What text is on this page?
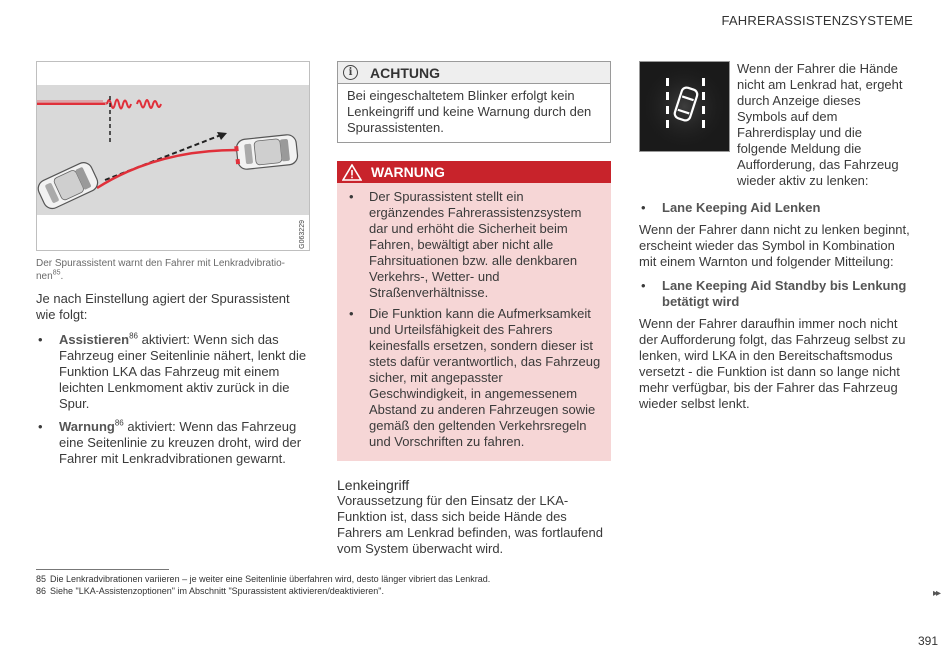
FAHRERASSISTENZSYSTEME
G063229
Der Spurassistent warnt den Fahrer mit Lenkradvibratio-nen$^{85}$.

Je nach Einstellung agiert der Spurassistent wie folgt:

• Assistieren$^{86}$ aktiviert: Wenn sich das Fahrzeug einer Seitenlinie nähert, lenkt die Funktion LKA das Fahrzeug mit einem leichten Lenkmoment aktiv zurück in die Spur.
• Warnung$^{86}$ aktiviert: Wenn das Fahrzeug eine Seitenlinie zu kreuzen droht, wird der Fahrer mit Lenkradvibrationen gewarnt.
i	ACHTUNG

Bei eingeschaltetem Blinker erfolgt kein Lenkeingriff und keine Warnung durch den Spurassistenten.

WARNUNG
• Der Spurassistent stellt ein ergänzendes Fahrerassistenzsystem dar und erhöht die Sicherheit beim Fahren, bewältigt aber nicht alle Fahrsituationen bzw. alle denkbaren Verkehrs-, Wetter- und Straßenverhältnisse.
• Die Funktion kann die Aufmerksamkeit und Urteilsfähigkeit des Fahrers keinesfalls ersetzen, sondern dieser ist stets dafür verantwortlich, das Fahrzeug sicher, mit angepasster Geschwindigkeit, in angemessenem Abstand zu anderen Fahrzeugen sowie gemäß den geltenden Verkehrsregeln und Vorschriften zu fahren.
Lenkeingriff

Voraussetzung für den Einsatz der LKA-Funktion ist, dass sich beide Hände des Fahrers am Lenkrad befinden, was fortlaufend vom System überwacht wird.

Wenn der Fahrer die Hände nicht am Lenkrad hat, ergeht durch Anzeige dieses Symbols auf dem Fahrerdisplay und die folgende Meldung die Aufforderung, das Fahrzeug wieder aktiv zu lenken:

• Lane Keeping Aid Lenken

Wenn der Fahrer dann nicht zu lenken beginnt, erscheint wieder das Symbol in Kombination mit einem Warnton und folgender Mitteilung:

• Lane Keeping Aid Standby bis Lenkung betätigt wird

Wenn der Fahrer daraufhin immer noch nicht der Aufforderung folgt, das Fahrzeug selbst zu lenken, wird LKA in den Bereitschaftsmodus versetzt - die Funktion ist dann so lange nicht mehr verfügbar, bis der Fahrer das Fahrzeug wieder selbst lenkt.

85 Die Lenkradvibrationen variieren – je weiter eine Seitenlinie überfahren wird, desto länger vibriert das Lenkrad.
86 Siehe "LKA-Assistenzoptionen" im Abschnitt "Spurassistent aktivieren/deaktivieren".	▸▸
391
